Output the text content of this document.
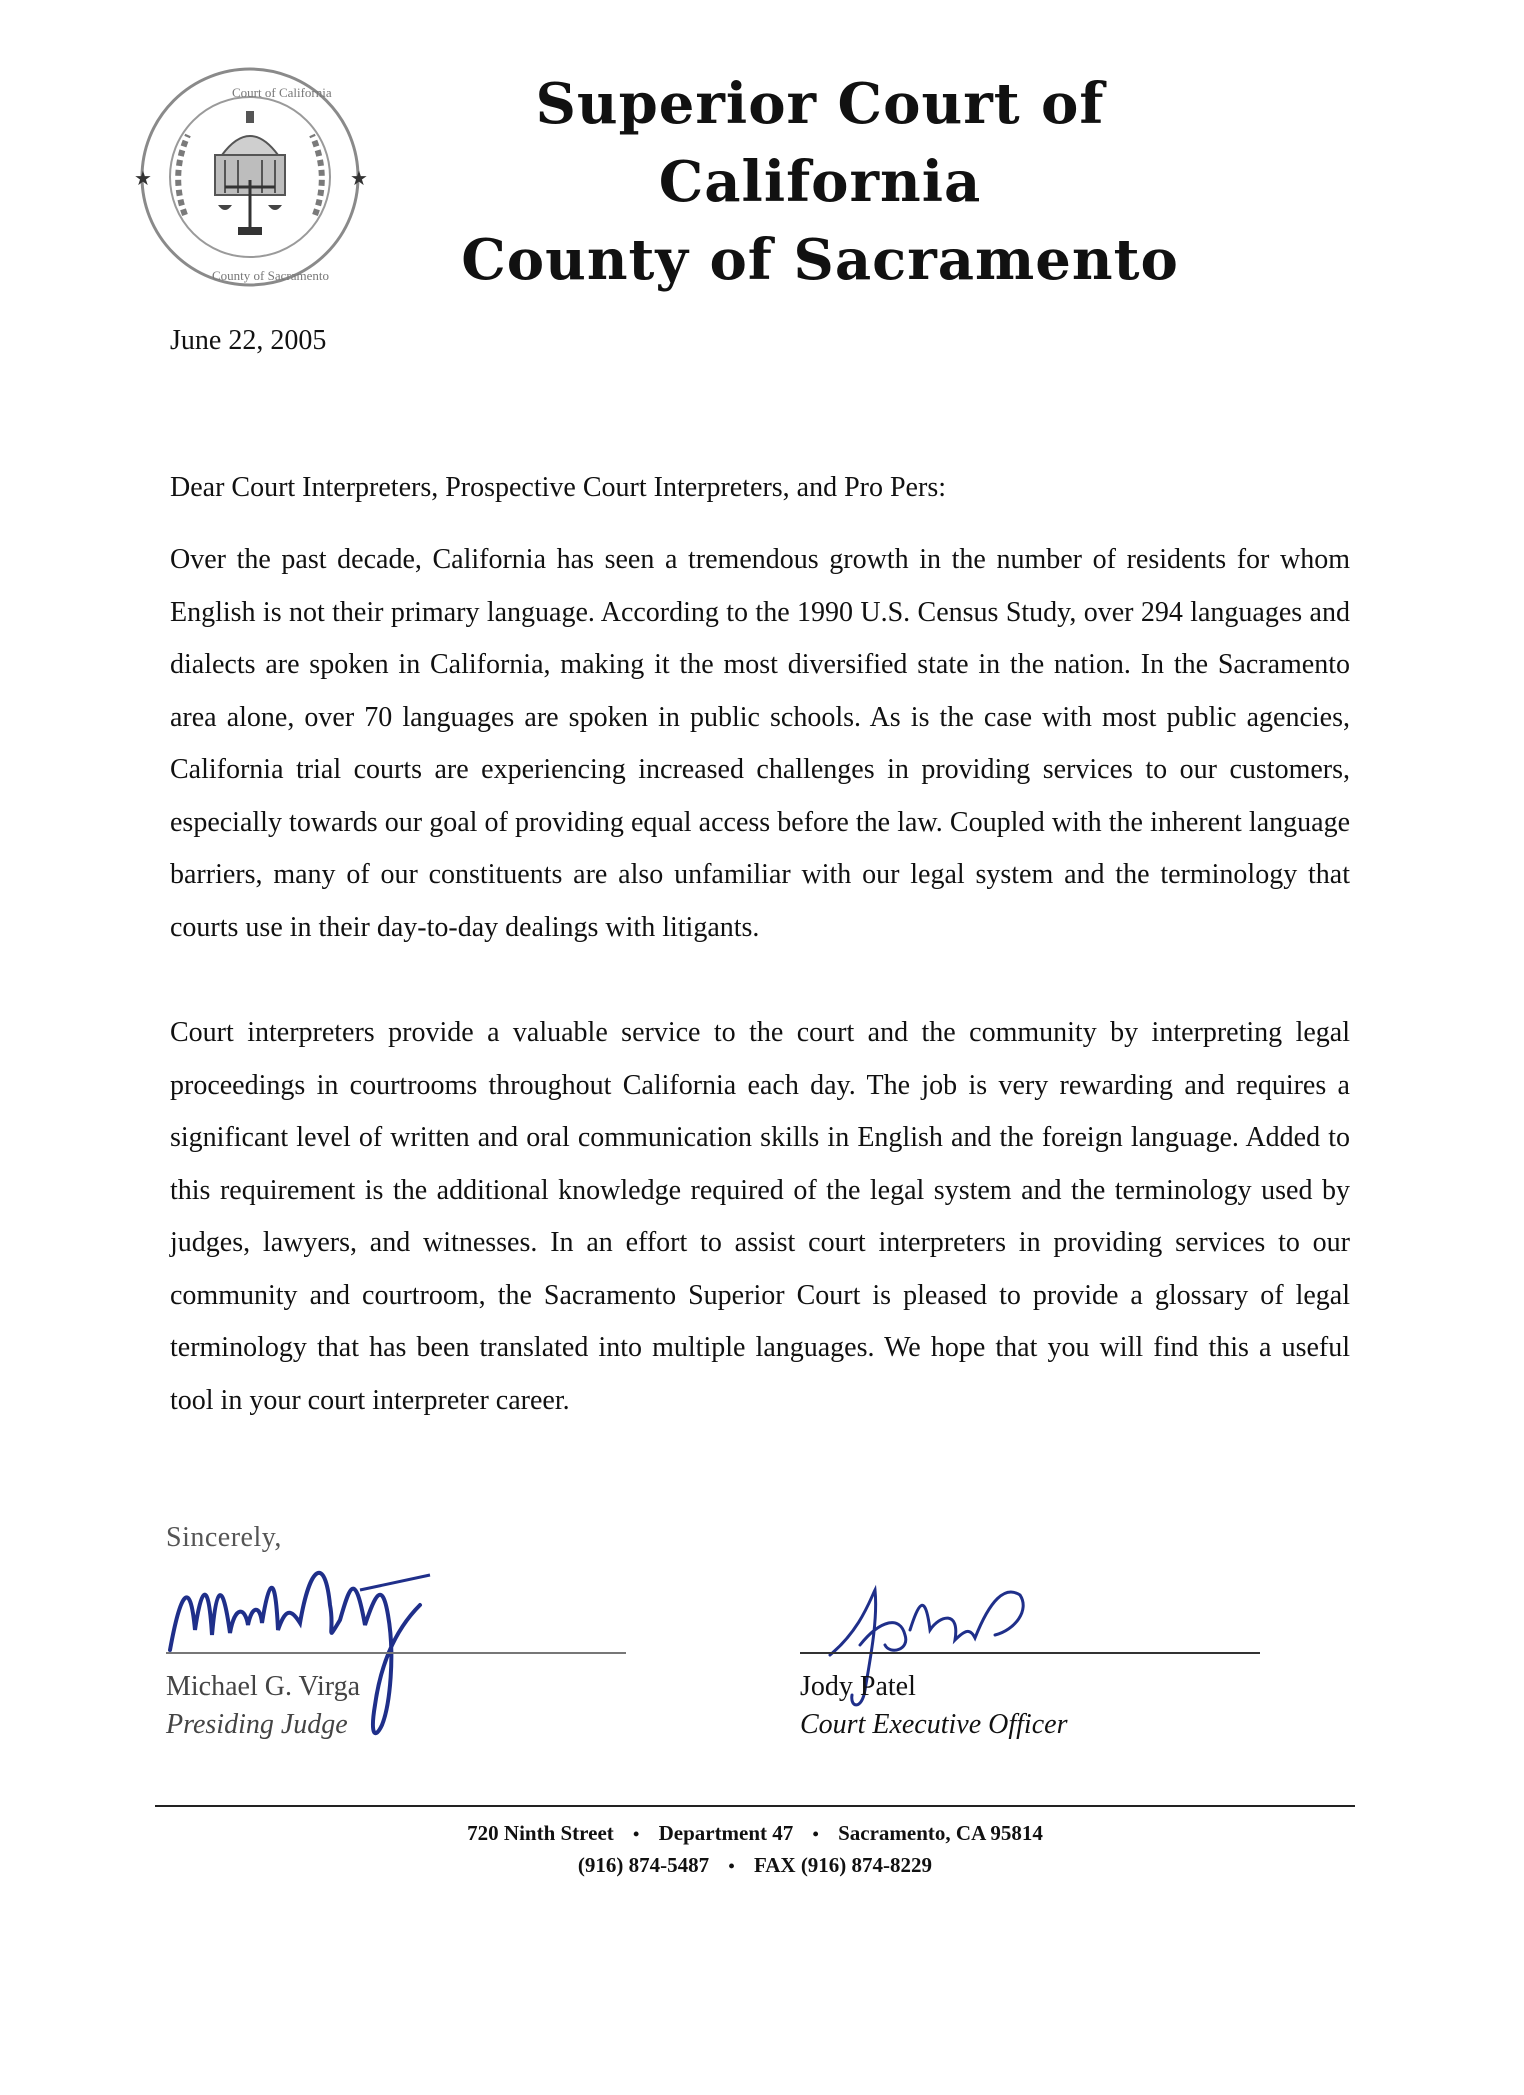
★	★
Court of California
County of Sacramento
Superior Court of California
County of Sacramento
June 22, 2005

Dear Court Interpreters, Prospective Court Interpreters, and Pro Pers:

Over the past decade, California has seen a tremendous growth in the number of residents for whom English is not their primary language. According to the 1990 U.S. Census Study, over 294 languages and dialects are spoken in California, making it the most diversified state in the nation. In the Sacramento area alone, over 70 languages are spoken in public schools. As is the case with most public agencies, California trial courts are experiencing increased challenges in providing services to our customers, especially towards our goal of providing equal access before the law. Coupled with the inherent language barriers, many of our constituents are also unfamiliar with our legal system and the terminology that courts use in their day-to-day dealings with litigants.

Court interpreters provide a valuable service to the court and the community by interpreting legal proceedings in courtrooms throughout California each day. The job is very rewarding and requires a significant level of written and oral communication skills in English and the foreign language. Added to this requirement is the additional knowledge required of the legal system and the terminology used by judges, lawyers, and witnesses. In an effort to assist court interpreters in providing services to our community and courtroom, the Sacramento Superior Court is pleased to provide a glossary of legal terminology that has been translated into multiple languages. We hope that you will find this a useful tool in your court interpreter career.

Sincerely,
Michael G. Virga
Presiding Judge
Jody Patel
Court Executive Officer
720 Ninth Street • Department 47 • Sacramento, CA 95814
(916) 874-5487 • FAX (916) 874-8229
